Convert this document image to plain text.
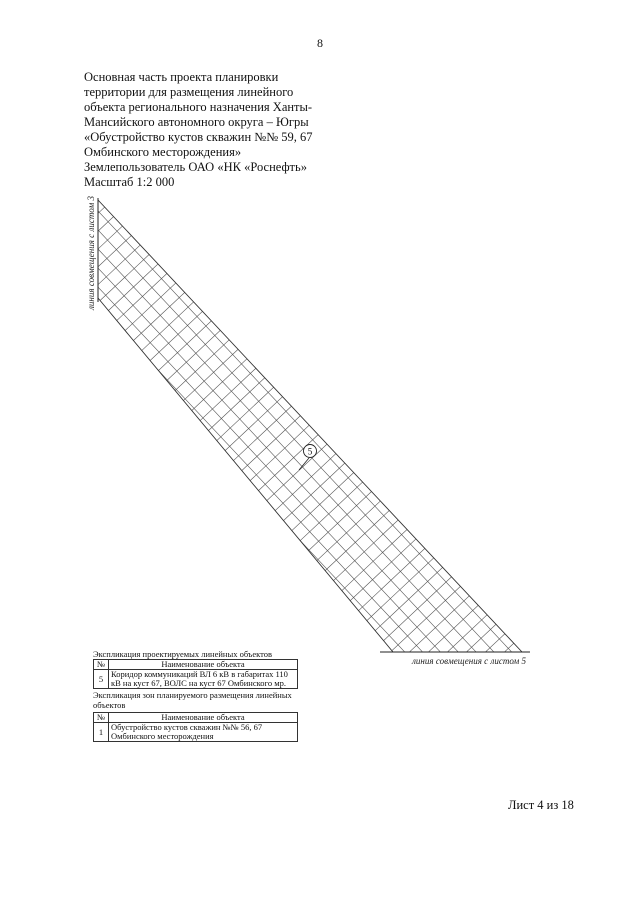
8
Основная часть проекта планировки
территории для размещения линейного
объекта регионального назначения Ханты-
Мансийского автономного округа – Югры
«Обустройство кустов скважин №№ 59, 67
Омбинского месторождения»
Землепользователь ОАО «НК «Роснефть»
Масштаб 1:2 000
линия совмещения с листом 3
линия совмещения с листом 5
5
Экспликация проектируемых линейных объектов
№	Наименование объекта
5	Коридор коммуникаций ВЛ 6 кВ в габаритах 110
кВ на куст 67, ВОЛС на куст 67 Омбинского мр.
Экспликация зон планируемого размещения линейных
объектов
№	Наименование объекта
1	Обустройство кустов скважин №№ 56, 67
Омбинского месторождения
Лист 4 из 18
